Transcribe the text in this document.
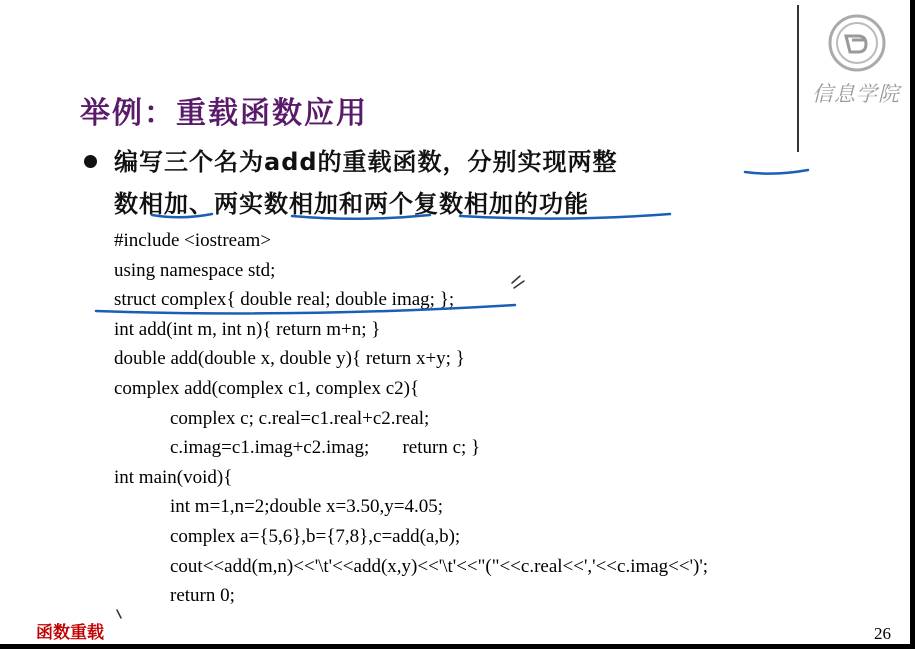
信息学院
举例：重载函数应用
编写三个名为add的重载函数，分别实现两整
数相加、两实数相加和两个复数相加的功能
#include <iostream>
using namespace std;
struct complex{ double real; double imag; };
int add(int m, int n){ return m+n; }
double add(double x, double y){ return x+y; }
complex add(complex c1, complex c2){
complex c; c.real=c1.real+c2.real;
c.imag=c1.imag+c2.imag;       return c; }
int main(void){
int m=1,n=2;double x=3.50,y=4.05;
complex a={5,6},b={7,8},c=add(a,b);
cout<<add(m,n)<<'\t'<<add(x,y)<<'\t'<<"("<<c.real<<','<<c.imag<<')';
return 0;
函数重载	26
